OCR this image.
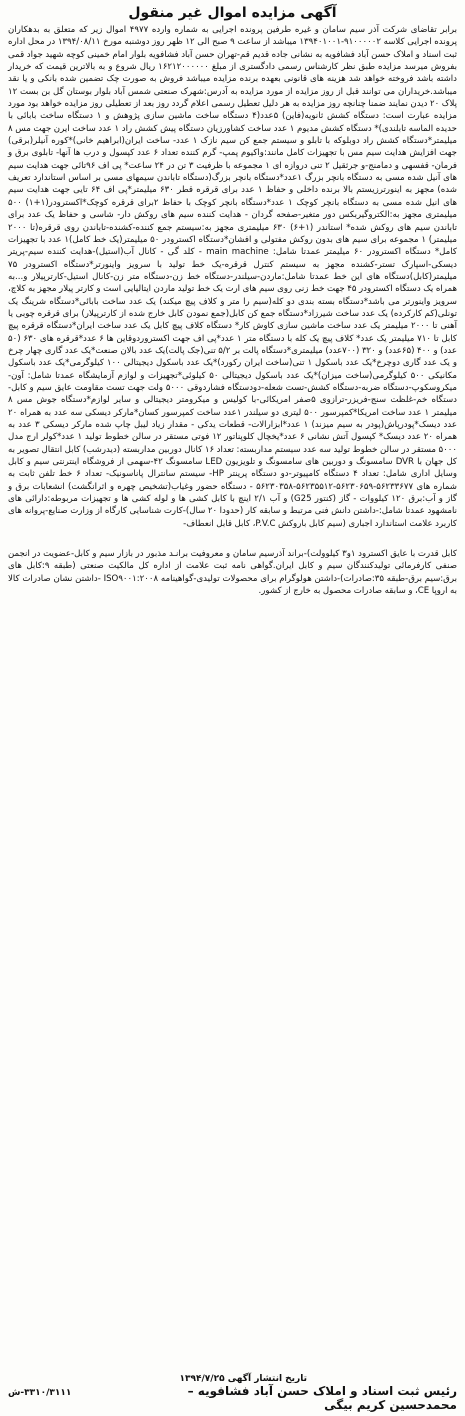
آگهی مزایده اموال غیر منقول

برابر تقاضای شرکت آذر سیم سامان و غیره طرفین پرونده اجرایی به شماره وارده ۴۹۷۷ اموال زیر که متعلق به بدهکاران پرونده اجرایی کلاسه ۹۱۰۰۰۰۰۲-۱۳۹۴۰۱۰۰۱ میباشد از ساعت ۹ صبح الی ۱۲ ظهر روز دوشنبه مورخ ۱۳۹۴/۰۸/۱۱ در محل اداره ثبت اسناد و املاک حسن آباد فشافویه به نشانی جاده قدیم قم-تهران حسن آباد فشافویه بلوار امام خمینی کوچه شهید جواد قمی بفروش میرسد مزایده طبق نظر کارشناس رسمی دادگستری از مبلغ ۱۶۲۱۲۰۰۰۰۰۰ ریال شروع و به بالاترین قیمت که خریدار داشته باشد فروخته خواهد شد هزینه های قانونی بعهده برنده مزایده میباشد فروش به صورت چک تضمین شده بانکی و یا نقد میباشد.خریداران می توانند قبل از روز مزایده از مورد مزایده به آدرس:شهرک صنعتی شمس آباد بلوار بوستان گل بن بست ۱۲ پلاک ۲۰ دیدن نمایند ضمنا چنانچه روز مزایده به هر دلیل تعطیل رسمی اعلام گردد روز بعد از تعطیلی روز مزایده خواهد بود مورد مزایده عبارت است: دستگاه کشش ثانویه(فاین) ۵عدد(۴ دستگاه ساخت ماشین سازی پژوهش و ۱ دستگاه ساخت بابائی با حدیده الماسه تابلندی)* دستگاه کشش مدیوم ۱ عدد ساخت کشاورزیان دستگاه پیش کشش راد ۱ عدد ساخت ایرن جهت مس ۸ میلیمتر*دستگاه کشش راد دوبلوکه با تابلو و سیستم جمع کن سیم نازک ۱ عدد- ساخت ایران(ابراهیم خانی)*کوره آنیلر(برقی) جهت افزایش هدایت سیم مس با تجهیزات کامل مانند:واکیوم پمپ- گرم کننده تعداد ۶ عدد کپسول و درب ها آنها- تابلوی برق و فرمان- قفسهی و دمامنج-و جرثقیل ۲ تنی دروازه ای ۱ مجموعه با ظرفیت ۳ تن در ۲۴ ساعت* پی اف ۹۶تائی جهت هدایت سیم های آنیل شده مسی به دستگاه بانچر بزرگ ۱عدد*دستگاه بانچر بزرگ(دستگاه تاباندن سیمهای مسی بر اساس استاندارد تعریف شده) مجهز به اینورترزیستم بالا برنده داخلی و حفاظ ۱ عدد برای قرقره قطر ۶۳۰ میلیمتر*پی اف ۶۴ تایی جهت هدایت سیم های انیل شده مسی به دستگاه بانچر کوچک ۱ عدد*دستگاه بانچر کوچک با حفاظ ۲برای قرقره کوچک*اکسترودر(۱+۱) ۵۰۰ میلیمتری مجهز به:الکتروگیربکس دور متغیر-صفحه گردان - هدایت کننده سیم های روکش دار- شاسی و حفاظ یک عدد برای تاباندن سیم های روکش شده* استاندر (۱+۶) ۶۳۰ میلیمتری مجهز به:سیستم جمع کننده-کشنده-تاباندن روی قرقره(تا ۲۰۰۰ میلیمتر) ۱ مجموعه برای سیم های بدون روکش مفتولی و افشان*دستگاه اکسترودر ۵۰ میلیمتر(یک خط کامل)۱ عدد با تجهیزات کامل* دستگاه اکسترودر ۶۰ میلیمتر عمدتا شامل: main machine - کلد گی - کانال آب(استیل)-هدایت کننده سیم-پریتر دیسکی-اسپارک تستر-کشنده مجهز به سیستم کنترل قرقره-یک خط تولید با سرویز واینورتر*دستگاه اکسترودر ۷۵ میلیمتر(کابل)دستگاه های این خط عمدتا شامل:ماردن-سیلندر-دستگاه خط زن-دستگاه متر زن-کانال استیل-کارترپیلار و...به همراه یک دستگاه اکسترودر ۴۵ جهت خط زنی روی سیم های ارت یک خط تولید ماردن ایتالیایی است و کارتر پیلار مجهز به کلاچ، سرویز واینورتر می باشد*دستگاه بسته بندی دو کله(سیم را متر و کلاف پیچ میکند) یک عدد ساخت بابائی*دستگاه شرینگ یک تونلی(کم کارکرده) یک عدد ساخت شیرزاد*دستگاه جمع کن کابل(جمع نمودن کابل خارج شده از کارترپیلار) برای قرقره چوبی یا آهنی تا ۲۰۰۰ میلیمتر یک عدد ساخت ماشین سازی کاوش کار* دستگاه کلاف پیچ کابل یک عدد ساخت ایران*دستگاه قرقره پیچ کابل تا ۷۱۰ میلیمتر یک عدد* کلاف پیچ یک کله با دستگاه متر ۱ عدد*پی اف جهت اکستروردوقاین ها ۶ عدد*قرقره های ۶۳۰ (۵۰ عدد) و ۴۰۰ (۶۵عدد) و ۳۲۰ (۷۰۰عدد) میلیمتری*دستگاه پالت بر ۵/۲ تنی(جک پالت)یک عدد بالان صنعت*یک عدد گاری چهار چرخ و یک عدد گاری دوچرخ*یک عدد باسکول ۱ تنی(ساخت ایران رکورد)*یک عدد باسکول دیجیتالی ۱۰۰ کیلوگرمی*یک عدد باسکول مکانیکی ۵۰۰ کیلوگرمی(ساخت میزان)*یک عدد باسکول دیجیتالی ۵۰ کیلوئی*تجهیزات و لوازم آزمایشگاه عمدتا شامل: آون-میکروسکوپ-دستگاه ضربه-دستگاه کشش-تست شعله-دودستگاه فشاردوقی ۵۰۰۰ ولت جهت تست مقاومت عایق سیم و کابل-دستگاه خم-غلظت سنج-فریزر-ترازوی ۵صفر امریکائی-با کولیس و میکرومتر دیجیتالی و سایر لوازم*دستگاه جوش مس ۸ میلیمتر ۱ عدد ساخت امریکا*کمپرسور ۵۰۰ لیتری دو سیلندر ۱عدد ساخت کمپرسور کسان*مارکر دیسکی سه عدد به همراه ۲۰ عدد دیسک*پودرپاش(پودر به سیم میزند) ۱ عدد*ابزارالات- قطعات یدکی - مقدار زیاد لیبل چاپ شده مارکر دیسکی ۳ عدد به همراه ۲۰ عدد دیسک* کپسول آتش نشانی ۶ عدد*یخچال کلوپناتور ۱۲ فوتی مستقر در سالن خطوط تولید ۱ عدد*کولر ارج مدل ۵۰۰۰ مستقر در سالن خطوط تولید سه عدد سیستم مداربسته: تعداد ۱۶ کانال دوربین مداربسته (دیدرشب) کابل انتقال تصویر به کل جهان با DVR سامسونگ و دوربین های سامسونگ و تلویزیون LED سامسونگ ۴۲-سهمی از فروشگاه اینترنتی سیم و کابل وسایل اداری شامل: تعداد ۴ دستگاه کامپیوتر-دو دستگاه پرینتر HP- سیستم سانترال پاناسونیک- تعداد ۶ خط تلفن ثابت به شماره های ۵۶۲۳۳۶۷۷-۵۶۲۳۰۶۵۹-۵۶۲۳۵۵۱۲-۵۶۲۳۰۳۵۸ - دستگاه حضور وغیاب(تشخیص چهره و اثرانگشت) انشعابات برق و گاز و آب:برق ۱۲۰ کیلووات - گاز (کنتور G25) و آب ۲/۱ اینچ با کابل کشی ها و لوله کشی ها و تجهیزات مربوطه:دارائی های نامشهود عمدتا شامل:-داشتن دانش فنی مرتبط و سابقه کار (حدودا ۲۰ سال)-کارت شناسایی کارگاه از وزارت صنایع-پروانه های کاربرد علامت استاندارد اجباری (سیم کابل باروکش P.V.C، کابل قابل انعطاف-

کابل قدرت با عایق اکسترود ۱و۳ کیلوولت)-براند آذرسیم سامان و معروفیت برانـد مذبور در بازار سیم و کابل-عضویت در انجمن صنفی کارفرمائی تولیدکنندگان سیم و کابل ایران.گواهی نامه ثبت علامت از اداره کل مالکیت صنعتی (طبقه ۹:کابل های برق:سیم برق-طبقه ۳۵:صادرات)-داشتن هولوگرام برای محصولات تولیدی-گواهینامه ISO۹۰۰۱:۲۰۰۸ -داشتن نشان صادرات کالا به اروپا CE، و سابقه صادرات محصول به خارج از کشور.

تاریخ انتشار آگهی ۱۳۹۴/۷/۲۵
رئیس ثبت اسناد و املاک حسن آباد فشافویه –
۳۳۱۰/۳۱۱۱-ش
محمدحسین کریم بیگی
